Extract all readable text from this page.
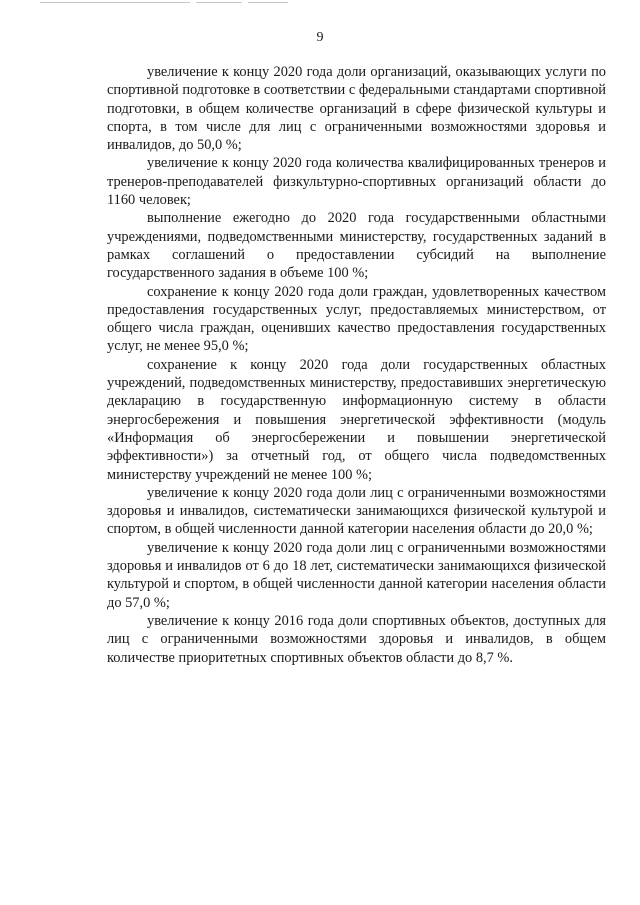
9

увеличение к концу 2020 года доли организаций, оказывающих услуги по спортивной подготовке в соответствии с федеральными стандартами спортивной подготовки, в общем количестве организаций в сфере физической культуры и спорта, в том числе для лиц с ограниченными возможностями здоровья и инвалидов, до 50,0 %;

увеличение к концу 2020 года количества квалифицированных тренеров и тренеров-преподавателей физкультурно-спортивных организаций области до 1160 человек;

выполнение ежегодно до 2020 года государственными областными учреждениями, подведомственными министерству, государственных заданий в рамках соглашений о предоставлении субсидий на выполнение государственного задания в объеме 100 %;

сохранение к концу 2020 года доли граждан, удовлетворенных качеством предоставления государственных услуг, предоставляемых министерством, от общего числа граждан, оценивших качество предоставления государственных услуг, не менее 95,0 %;

сохранение к концу 2020 года доли государственных областных учреждений, подведомственных министерству, предоставивших энергетическую декларацию в государственную информационную систему в области энергосбережения и повышения энергетической эффективности (модуль «Информация об энергосбережении и повышении энергетической эффективности») за отчетный год, от общего числа подведомственных министерству учреждений не менее 100 %;

увеличение к концу 2020 года доли лиц с ограниченными возможностями здоровья и инвалидов, систематически занимающихся физической культурой и спортом, в общей численности данной категории населения области до 20,0 %;

увеличение к концу 2020 года доли лиц с ограниченными возможностями здоровья и инвалидов от 6 до 18 лет, систематически занимающихся физической культурой и спортом, в общей численности данной категории населения области до 57,0 %;

увеличение к концу 2016 года доли спортивных объектов, доступных для лиц с ограниченными возможностями здоровья и инвалидов, в общем количестве приоритетных спортивных объектов области до 8,7 %.
